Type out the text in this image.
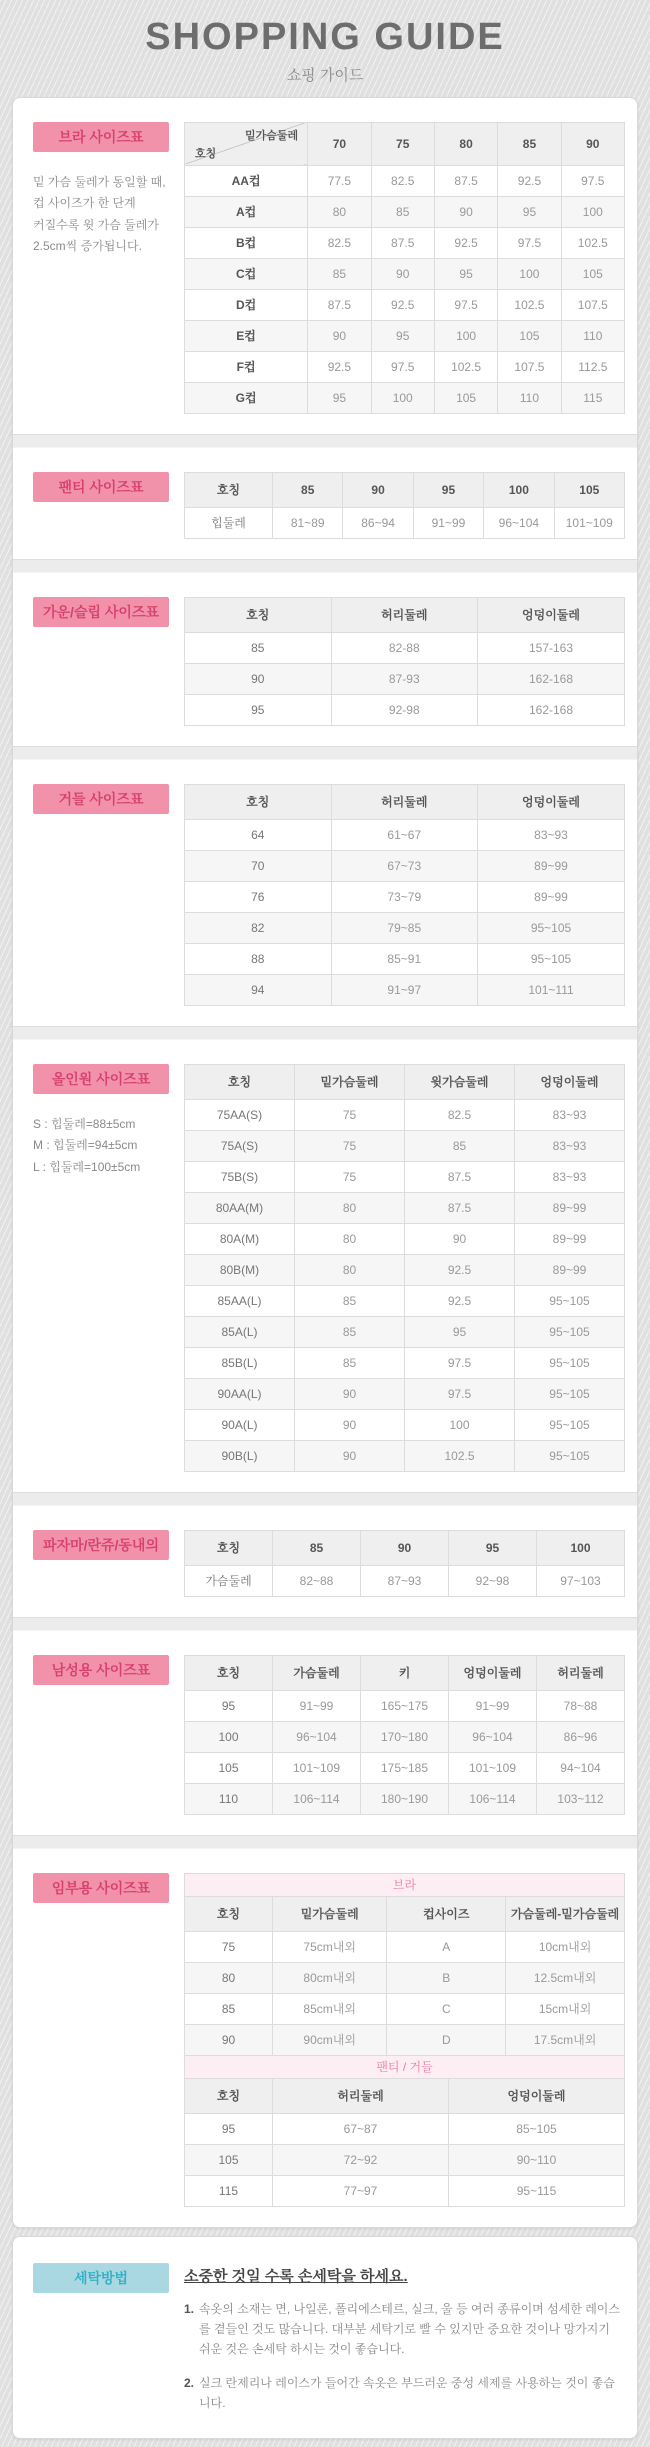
SHOPPING GUIDE
쇼핑 가이드
브라 사이즈표
밑 가슴 둘레가 동일할 때,
컵 사이즈가 한 단계
커질수록 윗 가슴 둘레가
2.5cm씩 증가됩니다.
밑가슴둘레
호칭	70	75	80	85	90
AA컵	77.5	82.5	87.5	92.5	97.5
A컵	80	85	90	95	100
B컵	82.5	87.5	92.5	97.5	102.5
C컵	85	90	95	100	105
D컵	87.5	92.5	97.5	102.5	107.5
E컵	90	95	100	105	110
F컵	92.5	97.5	102.5	107.5	112.5
G컵	95	100	105	110	115
팬티 사이즈표	호칭	85	90	95	100	105
힙둘레	81~89	86~94	91~99	96~104	101~109
가운/슬립 사이즈표	호칭	허리둘레	엉덩이둘레
85	82-88	157-163
90	87-93	162-168
95	92-98	162-168
거들 사이즈표	호칭	허리둘레	엉덩이둘레
64	61~67	83~93
70	67~73	89~99
76	73~79	89~99
82	79~85	95~105
88	85~91	95~105
94	91~97	101~111
올인원 사이즈표
S : 힙둘레=88±5cm
M : 힙둘레=94±5cm
L : 힙둘레=100±5cm
호칭	밑가슴둘레	윗가슴둘레	엉덩이둘레
75AA(S)	75	82.5	83~93
75A(S)	75	85	83~93
75B(S)	75	87.5	83~93
80AA(M)	80	87.5	89~99
80A(M)	80	90	89~99
80B(M)	80	92.5	89~99
85AA(L)	85	92.5	95~105
85A(L)	85	95	95~105
85B(L)	85	97.5	95~105
90AA(L)	90	97.5	95~105
90A(L)	90	100	95~105
90B(L)	90	102.5	95~105
파자마/란쥬/동내의	호칭	85	90	95	100
가슴둘레	82~88	87~93	92~98	97~103
남성용 사이즈표	호칭	가슴둘레	키	엉덩이둘레	허리둘레
95	91~99	165~175	91~99	78~88
100	96~104	170~180	96~104	86~96
105	101~109	175~185	101~109	94~104
110	106~114	180~190	106~114	103~112
임부용 사이즈표	브라			
호칭	밑가슴둘레	컵사이즈	가슴둘레-밑가슴둘레
75	75cm내외	A	10cm내외
80	80cm내외	B	12.5cm내외
85	85cm내외	C	15cm내외
90	90cm내외	D	17.5cm내외
팬티 / 거들		
호칭	허리둘레	엉덩이둘레
95	67~87	85~105
105	72~92	90~110
115	77~97	95~115
세탁방법	소중한 것일 수록 손세탁을 하세요.
1. 속옷의 소재는 면, 나일론, 폴리에스테르, 실크, 울 등 여러 종류이며 섬세한 레이스를 곁들인 것도 많습니다. 대부분 세탁기로 빨 수 있지만 중요한 것이나 망가지기 쉬운 것은 손세탁 하시는 것이 좋습니다.
2. 실크 란제리나 레이스가 들어간 속옷은 부드러운 중성 세제를 사용하는 것이 좋습니다.
